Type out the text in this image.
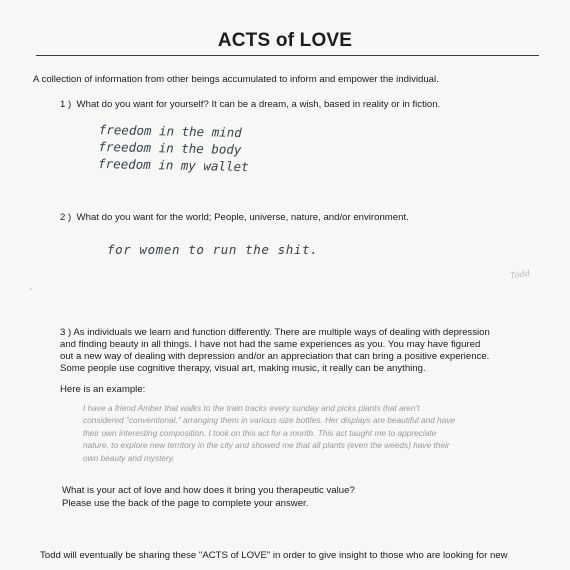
ACTS of LOVE
A collection of information from other beings accumulated to inform and empower the individual.
1 ) What do you want for yourself? It can be a dream, a wish, based in reality or in fiction.
freedom in the mind
freedom in the body
freedom in my wallet
2 ) What do you want for the world; People, universe, nature, and/or environment.
for women to run the shit.
Todd
3 ) As individuals we learn and function differently. There are multiple ways of dealing with depression
and finding beauty in all things. I have not had the same experiences as you. You may have figured
out a new way of dealing with depression and/or an appreciation that can bring a positive experience.
Some people use cognitive therapy, visual art, making music, it really can be anything.
Here is an example:
I have a friend Amber that walks to the train tracks every sunday and picks plants that aren't
considered "conventional," arranging them in various size bottles. Her displays are beautiful and have
their own interesting composition. I took on this act for a month. This act taught me to appreciate
nature, to explore new territory in the city and showed me that all plants (even the weeds) have their
own beauty and mystery.
What is your act of love and how does it bring you therapeutic value?
Please use the back of the page to complete your answer.
Todd will eventually be sharing these "ACTS of LOVE" in order to give insight to those who are looking for new
